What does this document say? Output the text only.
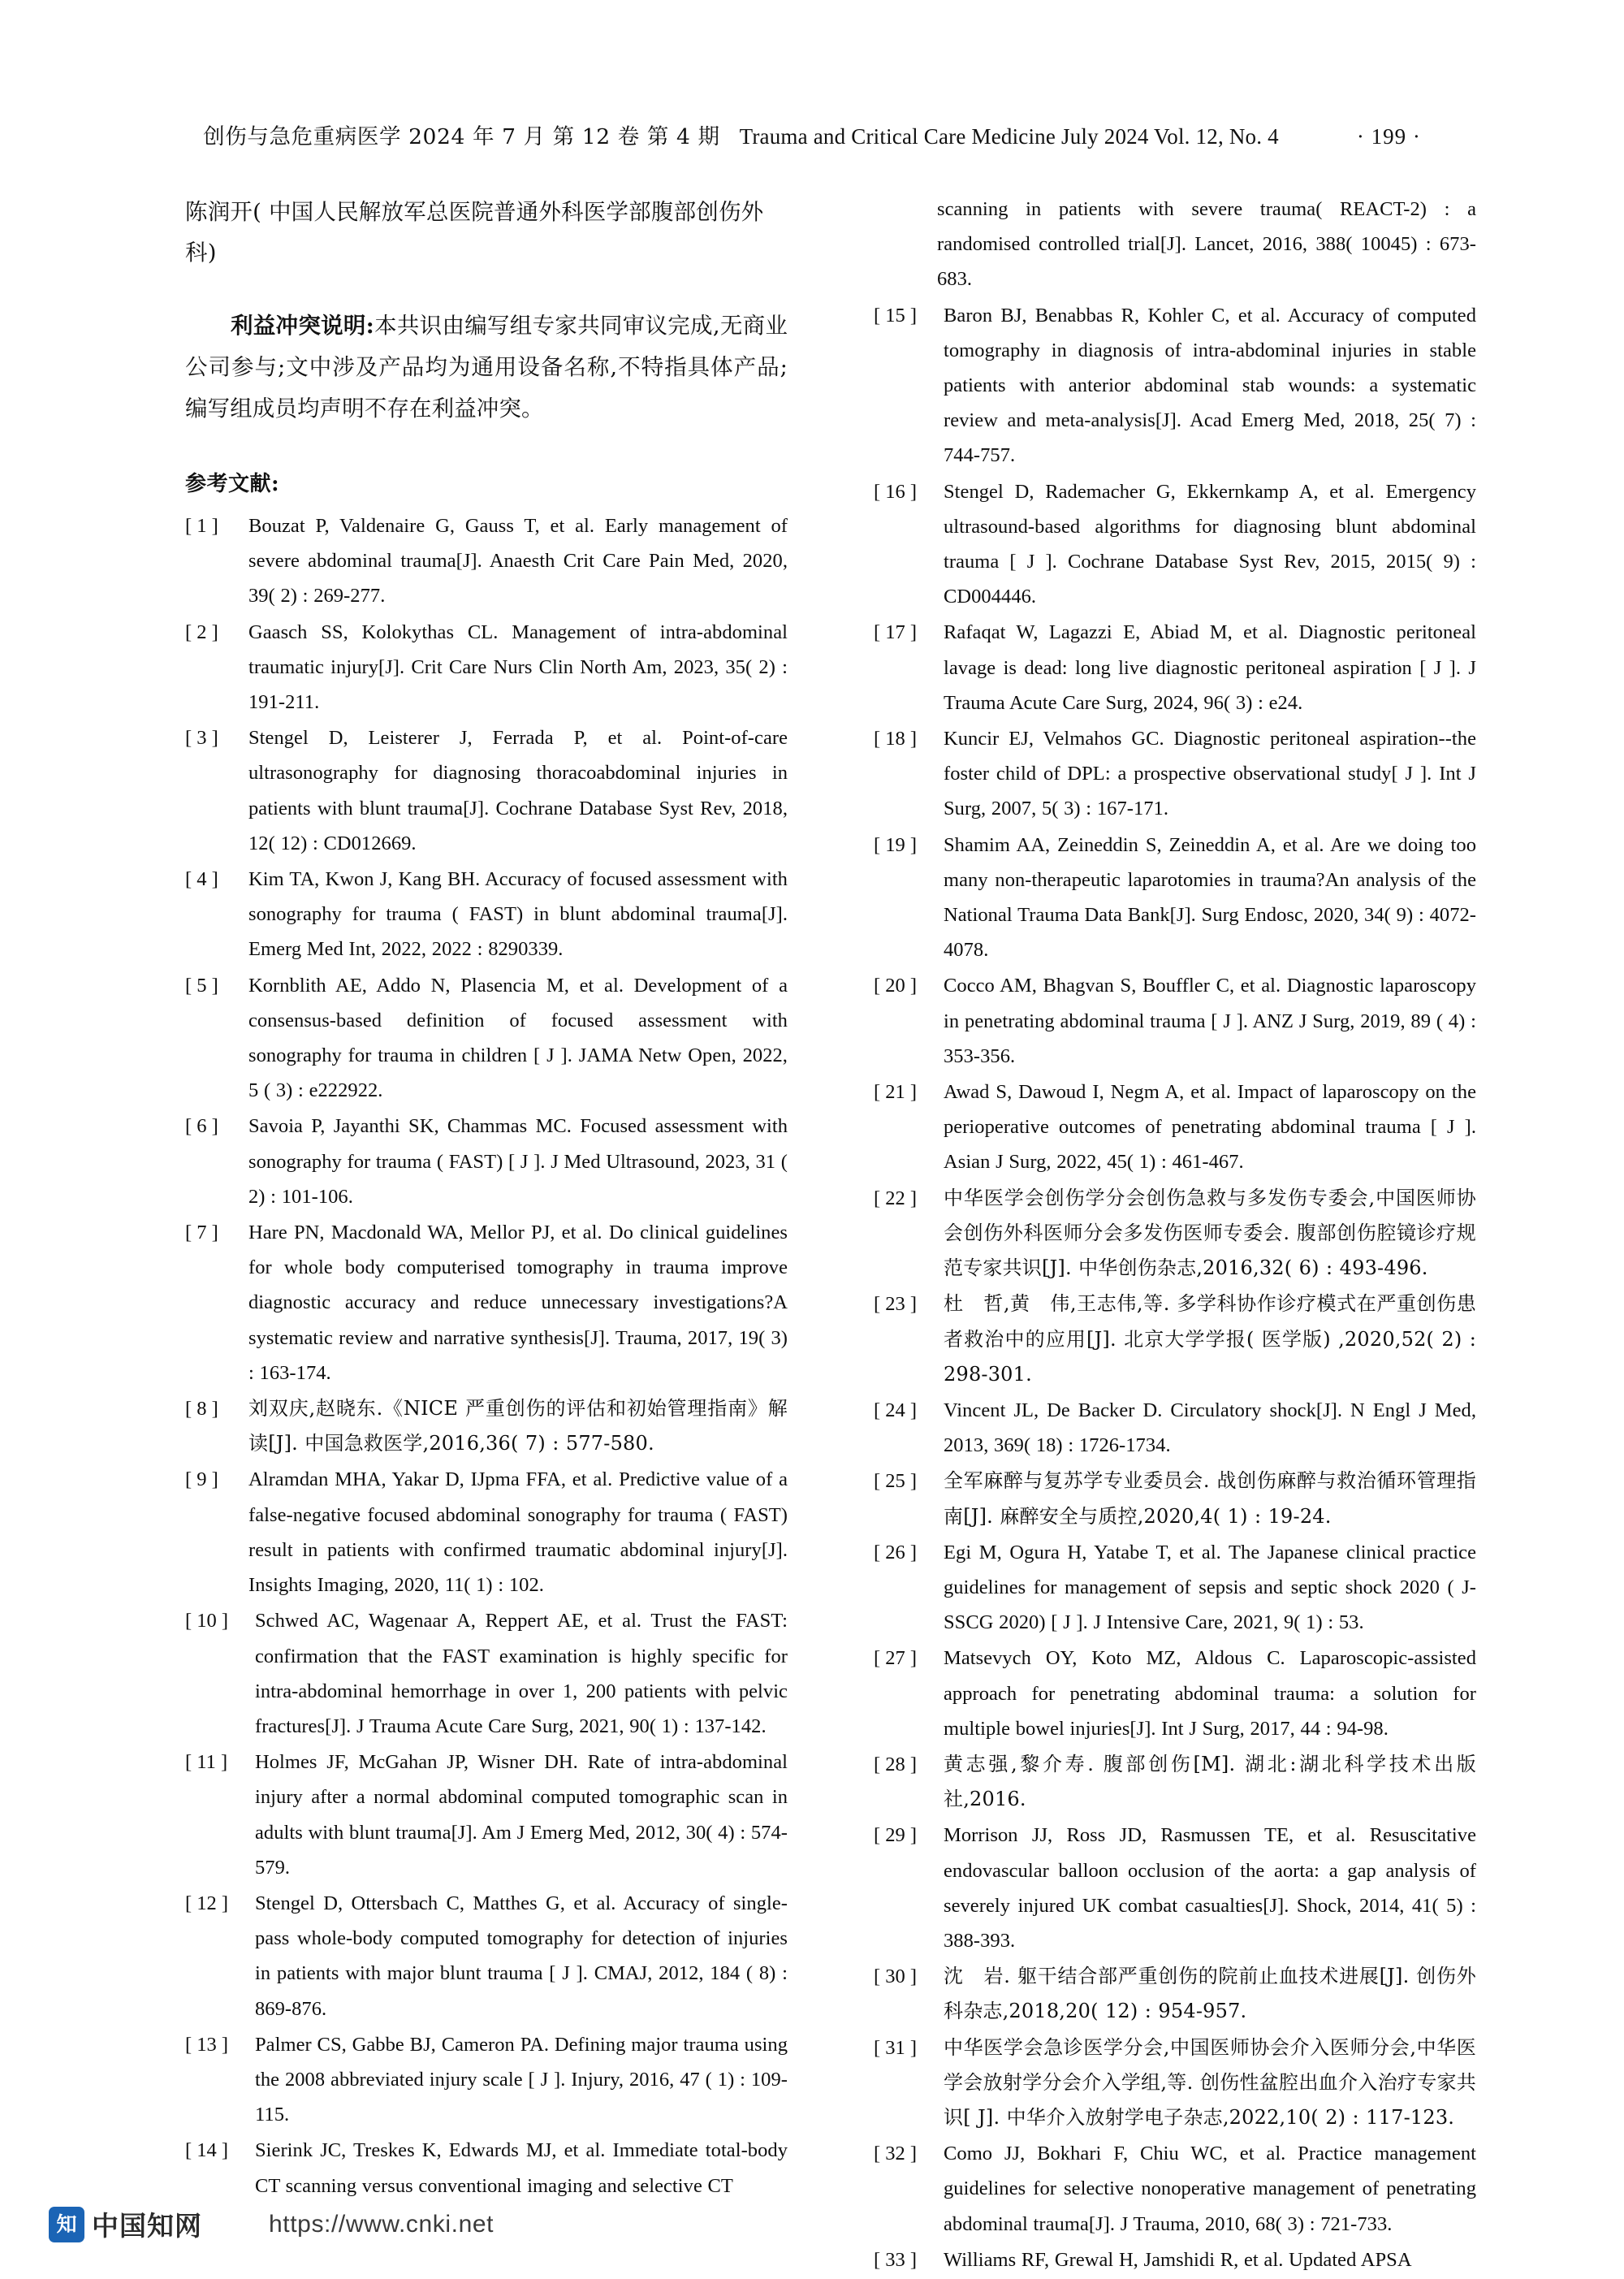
创伤与急危重病医学 2024 年 7 月 第 12 卷 第 4 期 Trauma and Critical Care Medicine July 2024 Vol. 12, No. 4	· 199 ·
陈润开( 中国人民解放军总医院普通外科医学部腹部创伤外科)
利益冲突说明:本共识由编写组专家共同审议完成,无商业公司参与;文中涉及产品均为通用设备名称,不特指具体产品;编写组成员均声明不存在利益冲突。
参考文献:
[ 1 ]	Bouzat P, Valdenaire G, Gauss T, et al. Early management of severe abdominal trauma[J]. Anaesth Crit Care Pain Med, 2020, 39( 2) : 269-277.
[ 2 ]	Gaasch SS, Kolokythas CL. Management of intra-abdominal traumatic injury[J]. Crit Care Nurs Clin North Am, 2023, 35( 2) : 191-211.
[ 3 ]	Stengel D, Leisterer J, Ferrada P, et al. Point-of-care ultrasonography for diagnosing thoracoabdominal injuries in patients with blunt trauma[J]. Cochrane Database Syst Rev, 2018, 12( 12) : CD012669.
[ 4 ]	Kim TA, Kwon J, Kang BH. Accuracy of focused assessment with sonography for trauma ( FAST) in blunt abdominal trauma[J]. Emerg Med Int, 2022, 2022 : 8290339.
[ 5 ]	Kornblith AE, Addo N, Plasencia M, et al. Development of a consensus-based definition of focused assessment with sonography for trauma in children [ J ]. JAMA Netw Open, 2022, 5 ( 3) : e222922.
[ 6 ]	Savoia P, Jayanthi SK, Chammas MC. Focused assessment with sonography for trauma ( FAST) [ J ]. J Med Ultrasound, 2023, 31 ( 2) : 101-106.
[ 7 ]	Hare PN, Macdonald WA, Mellor PJ, et al. Do clinical guidelines for whole body computerised tomography in trauma improve diagnostic accuracy and reduce unnecessary investigations?A systematic review and narrative synthesis[J]. Trauma, 2017, 19( 3) : 163-174.
[ 8 ]	刘双庆,赵晓东.《NICE 严重创伤的评估和初始管理指南》解读[J]. 中国急救医学,2016,36( 7) : 577-580.
[ 9 ]	Alramdan MHA, Yakar D, IJpma FFA, et al. Predictive value of a false-negative focused abdominal sonography for trauma ( FAST) result in patients with confirmed traumatic abdominal injury[J]. Insights Imaging, 2020, 11( 1) : 102.
[ 10 ]	Schwed AC, Wagenaar A, Reppert AE, et al. Trust the FAST: confirmation that the FAST examination is highly specific for intra-abdominal hemorrhage in over 1, 200 patients with pelvic fractures[J]. J Trauma Acute Care Surg, 2021, 90( 1) : 137-142.
[ 11 ]	Holmes JF, McGahan JP, Wisner DH. Rate of intra-abdominal injury after a normal abdominal computed tomographic scan in adults with blunt trauma[J]. Am J Emerg Med, 2012, 30( 4) : 574-579.
[ 12 ]	Stengel D, Ottersbach C, Matthes G, et al. Accuracy of single-pass whole-body computed tomography for detection of injuries in patients with major blunt trauma [ J ]. CMAJ, 2012, 184 ( 8) : 869-876.
[ 13 ]	Palmer CS, Gabbe BJ, Cameron PA. Defining major trauma using the 2008 abbreviated injury scale [ J ]. Injury, 2016, 47 ( 1) : 109-115.
[ 14 ]	Sierink JC, Treskes K, Edwards MJ, et al. Immediate total-body CT scanning versus conventional imaging and selective CT
scanning in patients with severe trauma( REACT-2) : a randomised controlled trial[J]. Lancet, 2016, 388( 10045) : 673-683.
[ 15 ]	Baron BJ, Benabbas R, Kohler C, et al. Accuracy of computed tomography in diagnosis of intra-abdominal injuries in stable patients with anterior abdominal stab wounds: a systematic review and meta-analysis[J]. Acad Emerg Med, 2018, 25( 7) : 744-757.
[ 16 ]	Stengel D, Rademacher G, Ekkernkamp A, et al. Emergency ultrasound-based algorithms for diagnosing blunt abdominal trauma [ J ]. Cochrane Database Syst Rev, 2015, 2015( 9) : CD004446.
[ 17 ]	Rafaqat W, Lagazzi E, Abiad M, et al. Diagnostic peritoneal lavage is dead: long live diagnostic peritoneal aspiration [ J ]. J Trauma Acute Care Surg, 2024, 96( 3) : e24.
[ 18 ]	Kuncir EJ, Velmahos GC. Diagnostic peritoneal aspiration--the foster child of DPL: a prospective observational study[ J ]. Int J Surg, 2007, 5( 3) : 167-171.
[ 19 ]	Shamim AA, Zeineddin S, Zeineddin A, et al. Are we doing too many non-therapeutic laparotomies in trauma?An analysis of the National Trauma Data Bank[J]. Surg Endosc, 2020, 34( 9) : 4072-4078.
[ 20 ]	Cocco AM, Bhagvan S, Bouffler C, et al. Diagnostic laparoscopy in penetrating abdominal trauma [ J ]. ANZ J Surg, 2019, 89 ( 4) : 353-356.
[ 21 ]	Awad S, Dawoud I, Negm A, et al. Impact of laparoscopy on the perioperative outcomes of penetrating abdominal trauma [ J ]. Asian J Surg, 2022, 45( 1) : 461-467.
[ 22 ]	中华医学会创伤学分会创伤急救与多发伤专委会,中国医师协会创伤外科医师分会多发伤医师专委会. 腹部创伤腔镜诊疗规范专家共识[J]. 中华创伤杂志,2016,32( 6) : 493-496.
[ 23 ]	杜　哲,黄　伟,王志伟,等. 多学科协作诊疗模式在严重创伤患者救治中的应用[J]. 北京大学学报( 医学版) ,2020,52( 2) : 298-301.
[ 24 ]	Vincent JL, De Backer D. Circulatory shock[J]. N Engl J Med, 2013, 369( 18) : 1726-1734.
[ 25 ]	全军麻醉与复苏学专业委员会. 战创伤麻醉与救治循环管理指南[J]. 麻醉安全与质控,2020,4( 1) : 19-24.
[ 26 ]	Egi M, Ogura H, Yatabe T, et al. The Japanese clinical practice guidelines for management of sepsis and septic shock 2020 ( J-SSCG 2020) [ J ]. J Intensive Care, 2021, 9( 1) : 53.
[ 27 ]	Matsevych OY, Koto MZ, Aldous C. Laparoscopic-assisted approach for penetrating abdominal trauma: a solution for multiple bowel injuries[J]. Int J Surg, 2017, 44 : 94-98.
[ 28 ]	黄志强,黎介寿. 腹部创伤[M]. 湖北:湖北科学技术出版社,2016.
[ 29 ]	Morrison JJ, Ross JD, Rasmussen TE, et al. Resuscitative endovascular balloon occlusion of the aorta: a gap analysis of severely injured UK combat casualties[J]. Shock, 2014, 41( 5) : 388-393.
[ 30 ]	沈　岩. 躯干结合部严重创伤的院前止血技术进展[J]. 创伤外科杂志,2018,20( 12) : 954-957.
[ 31 ]	中华医学会急诊医学分会,中国医师协会介入医师分会,中华医学会放射学分会介入学组,等. 创伤性盆腔出血介入治疗专家共识[ J]. 中华介入放射学电子杂志,2022,10( 2) : 117-123.
[ 32 ]	Como JJ, Bokhari F, Chiu WC, et al. Practice management guidelines for selective nonoperative management of penetrating abdominal trauma[J]. J Trauma, 2010, 68( 3) : 721-733.
[ 33 ]	Williams RF, Grewal H, Jamshidi R, et al. Updated APSA
知 中国知网	https://www.cnki.net
